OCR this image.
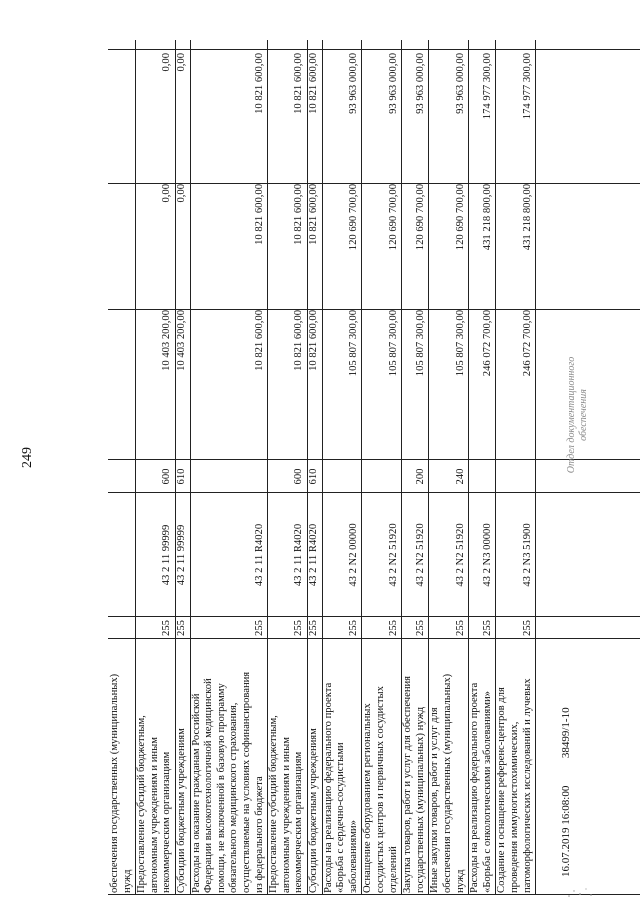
249
обеспечения государственных (муниципальных) нужд Предоставление субсидий бюджетным, автономным учреждениям и иным некоммерческим организациям
255
43 2 11 99999
600
10 403 200,00
0,00
0,00
Субсидии бюджетным учреждениям
255
43 2 11 99999
610
10 403 200,00
0,00
0,00
Расходы на оказание гражданам Российской Федерации высокотехнологичной медицинской помощи, не включенной в базовую программу обязательного медицинского страхования, осуществляемые на условиях софинансирования из федерального бюджета
255
43 2 11 R4020
10 821 600,00
10 821 600,00
10 821 600,00
Предоставление субсидий бюджетным, автономным учреждениям и иным некоммерческим организациям
255
43 2 11 R4020
600
10 821 600,00
10 821 600,00
10 821 600,00
Субсидии бюджетным учреждениям
255
43 2 11 R4020
610
10 821 600,00
10 821 600,00
10 821 600,00
Расходы на реализацию федерального проекта «Борьба с сердечно-сосудистыми заболеваниями»
255
43 2 N2 00000
105 807 300,00
120 690 700,00
93 963 000,00
Оснащение оборудованием региональных сосудистых центров и первичных сосудистых отделений
255
43 2 N2 51920
105 807 300,00
120 690 700,00
93 963 000,00
Закупка товаров, работ и услуг для обеспечения государственных (муниципальных) нужд
255
43 2 N2 51920
200
105 807 300,00
120 690 700,00
93 963 000,00
Иные закупки товаров, работ и услуг для обеспечения государственных (муниципальных) нужд
255
43 2 N2 51920
240
105 807 300,00
120 690 700,00
93 963 000,00
Расходы на реализацию федерального проекта «Борьба с онкологическими заболеваниями»
255
43 2 N3 00000
246 072 700,00
431 218 800,00
174 977 300,00
Создание и оснащение референс-центров для проведения иммуногистохимических, патоморфологических исследований и лучевых
255
43 2 N3 51900
246 072 700,00
431 218 800,00
174 977 300,00
16.07.2019 16:08:00  38499/1-10
Отдел документационного обеспечения
